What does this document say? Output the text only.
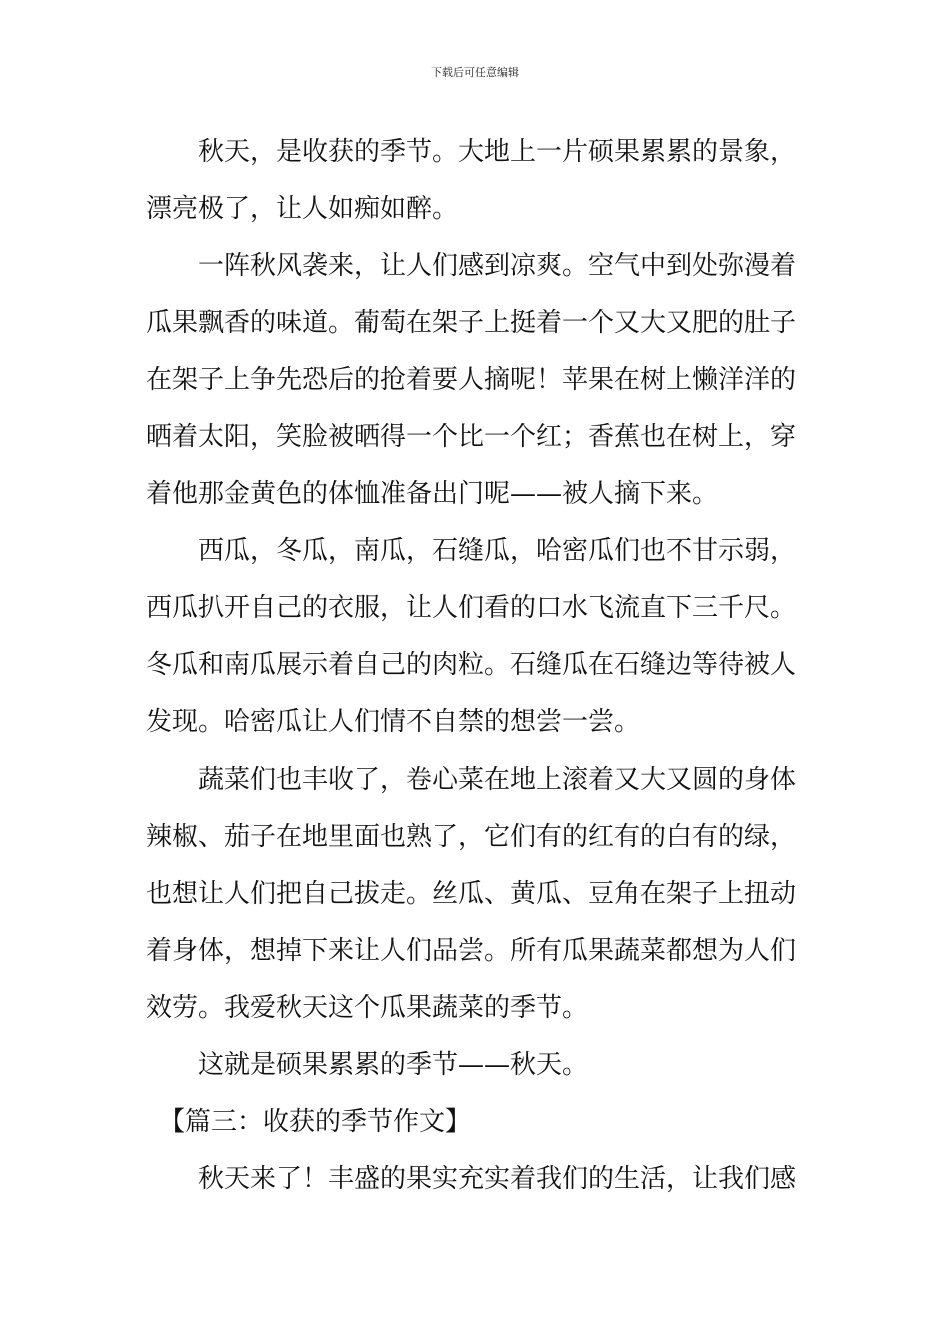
下载后可任意编辑
　　秋天，是收获的季节。大地上一片硕果累累的景象，
漂亮极了，让人如痴如醉。
　　一阵秋风袭来，让人们感到凉爽。空气中到处弥漫着
瓜果飘香的味道。葡萄在架子上挺着一个又大又肥的肚子
在架子上争先恐后的抢着要人摘呢！苹果在树上懒洋洋的
晒着太阳，笑脸被晒得一个比一个红；香蕉也在树上，穿
着他那金黄色的体恤准备出门呢——被人摘下来。
　　西瓜，冬瓜，南瓜，石缝瓜，哈密瓜们也不甘示弱，
西瓜扒开自己的衣服，让人们看的口水飞流直下三千尺。
冬瓜和南瓜展示着自己的肉粒。石缝瓜在石缝边等待被人
发现。哈密瓜让人们情不自禁的想尝一尝。
　　蔬菜们也丰收了，卷心菜在地上滚着又大又圆的身体
辣椒、茄子在地里面也熟了，它们有的红有的白有的绿，
也想让人们把自己拔走。丝瓜、黄瓜、豆角在架子上扭动
着身体，想掉下来让人们品尝。所有瓜果蔬菜都想为人们
效劳。我爱秋天这个瓜果蔬菜的季节。
　　这就是硕果累累的季节——秋天。
　【篇三：收获的季节作文】
　　秋天来了！丰盛的果实充实着我们的生活，让我们感
